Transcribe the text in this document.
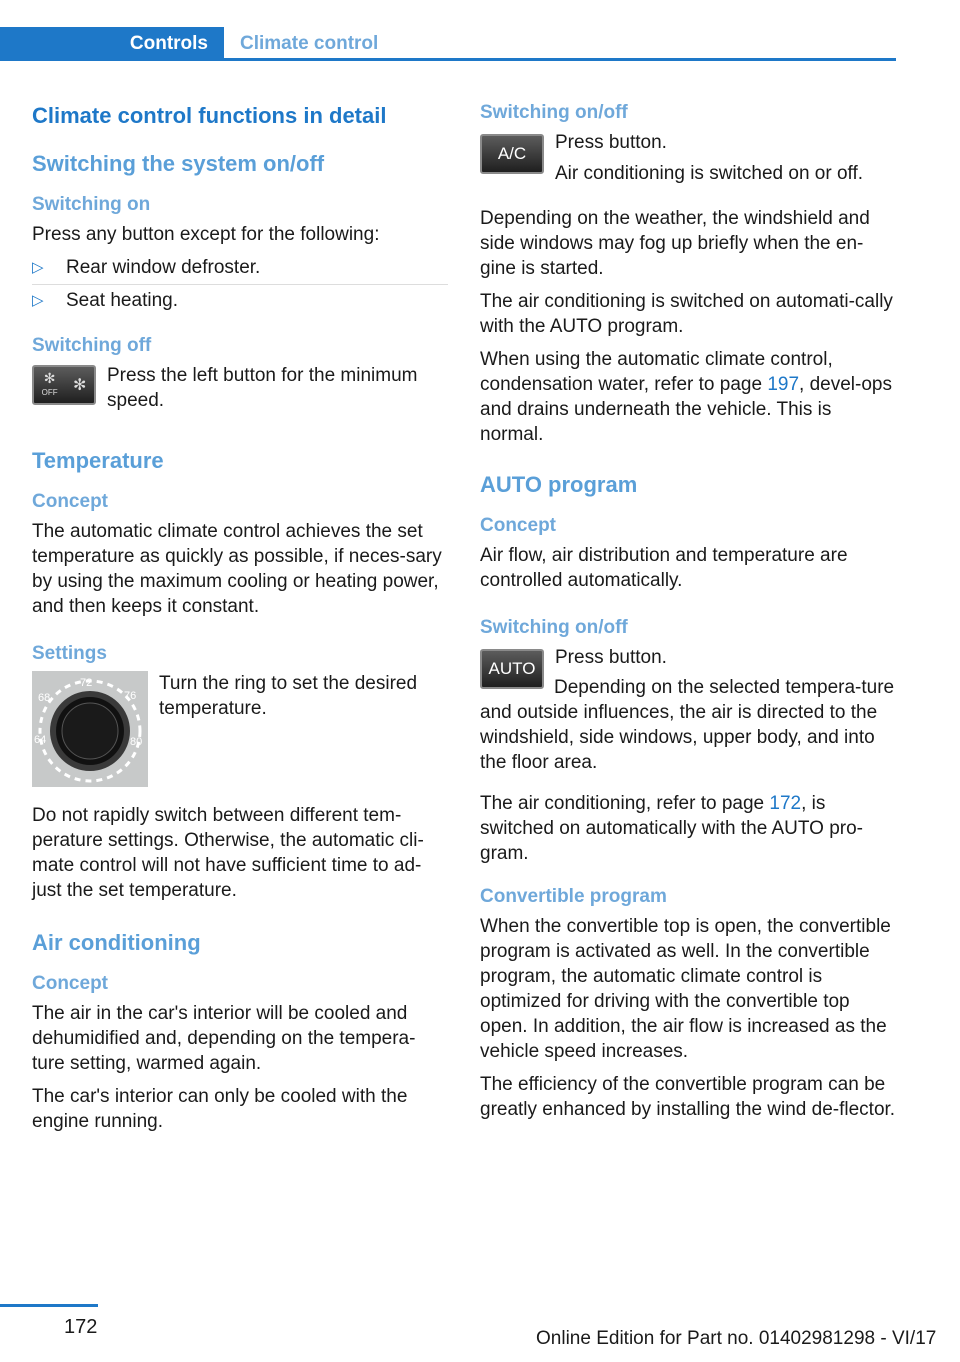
Controls	Climate control
Climate control functions in detail
Switching the system on/off
Switching on

Press any button except for the following:

▷ Rear window defroster.
▷ Seat heating.
Switching off
✻
OFF ✻ Press the left button for the minimum speed.

Temperature
Concept

The automatic climate control achieves the set temperature as quickly as possible, if neces-sary by using the maximum cooling or heating power, and then keeps it constant.

Settings
72
76
68
64	80

Turn the ring to set the desired temperature.

Do not rapidly switch between different tem-perature settings. Otherwise, the automatic cli-mate control will not have sufficient time to ad-just the set temperature.

Air conditioning
Concept

The air in the car's interior will be cooled and dehumidified and, depending on the tempera-ture setting, warmed again.

The car's interior can only be cooled with the engine running.

Switching on/off
A/C

Press button.

Air conditioning is switched on or off.

Depending on the weather, the windshield and side windows may fog up briefly when the en-gine is started.

The air conditioning is switched on automati-cally with the AUTO program.

When using the automatic climate control, condensation water, refer to page 197, devel-ops and drains underneath the vehicle. This is normal.

AUTO program
Concept

Air flow, air distribution and temperature are controlled automatically.

Switching on/off
AUTO

Press button.

Depending on the selected tempera-ture and outside influences, the air is directed to the windshield, side windows, upper body, and into the floor area.

The air conditioning, refer to page 172, is switched on automatically with the AUTO pro-gram.

Convertible program

When the convertible top is open, the convertible program is activated as well. In the convertible program, the automatic climate control is optimized for driving with the convertible top open. In addition, the air flow is increased as the vehicle speed increases.

The efficiency of the convertible program can be greatly enhanced by installing the wind de-flector.

172
Online Edition for Part no. 01402981298 - VI/17
